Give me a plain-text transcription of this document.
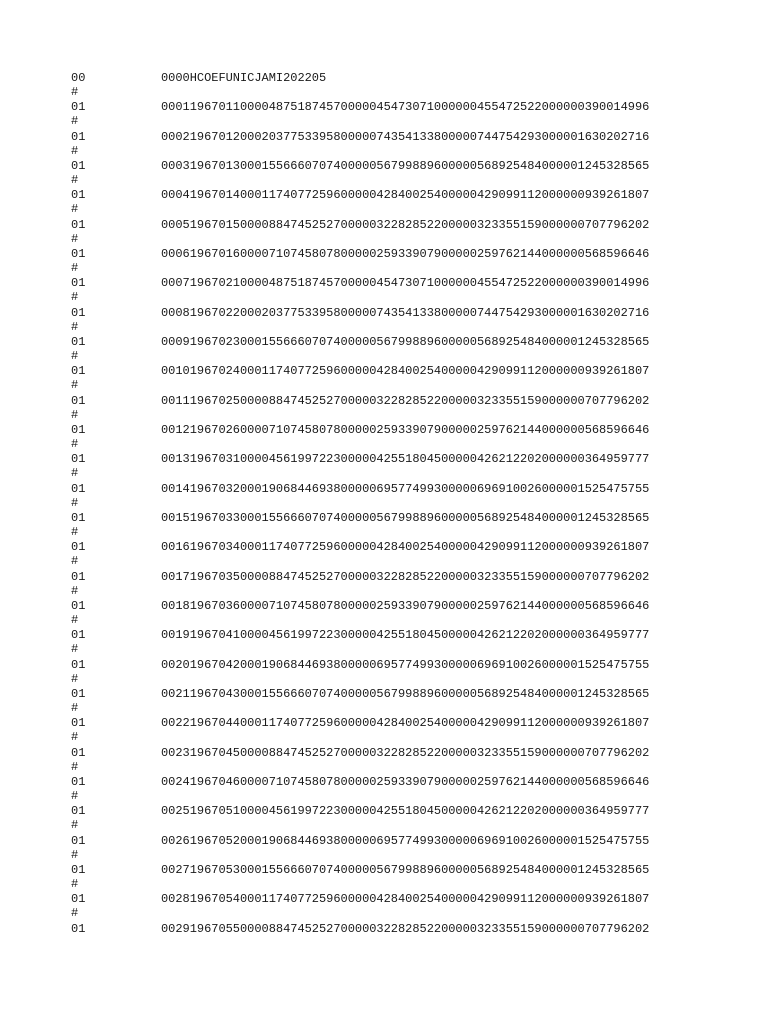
00	0000HCOEFUNICJAMI202205
#
01	00011967011000048751874570000045473071000000455472522000000390014996
#
01	00021967012000203775339580000074354133800000744754293000001630202716
#
01	00031967013000155666070740000056799889600000568925484000001245328565
#
01	00041967014000117407725960000042840025400000429099112000000939261807
#
01	00051967015000088474525270000032282852200000323355159000000707796202
#
01	00061967016000071074580780000025933907900000259762144000000568596646
#
01	00071967021000048751874570000045473071000000455472522000000390014996
#
01	00081967022000203775339580000074354133800000744754293000001630202716
#
01	00091967023000155666070740000056799889600000568925484000001245328565
#
01	00101967024000117407725960000042840025400000429099112000000939261807
#
01	00111967025000088474525270000032282852200000323355159000000707796202
#
01	00121967026000071074580780000025933907900000259762144000000568596646
#
01	00131967031000045619972230000042551804500000426212202000000364959777
#
01	00141967032000190684469380000069577499300000696910026000001525475755
#
01	00151967033000155666070740000056799889600000568925484000001245328565
#
01	00161967034000117407725960000042840025400000429099112000000939261807
#
01	00171967035000088474525270000032282852200000323355159000000707796202
#
01	00181967036000071074580780000025933907900000259762144000000568596646
#
01	00191967041000045619972230000042551804500000426212202000000364959777
#
01	00201967042000190684469380000069577499300000696910026000001525475755
#
01	00211967043000155666070740000056799889600000568925484000001245328565
#
01	00221967044000117407725960000042840025400000429099112000000939261807
#
01	00231967045000088474525270000032282852200000323355159000000707796202
#
01	00241967046000071074580780000025933907900000259762144000000568596646
#
01	00251967051000045619972230000042551804500000426212202000000364959777
#
01	00261967052000190684469380000069577499300000696910026000001525475755
#
01	00271967053000155666070740000056799889600000568925484000001245328565
#
01	00281967054000117407725960000042840025400000429099112000000939261807
#
01	00291967055000088474525270000032282852200000323355159000000707796202
